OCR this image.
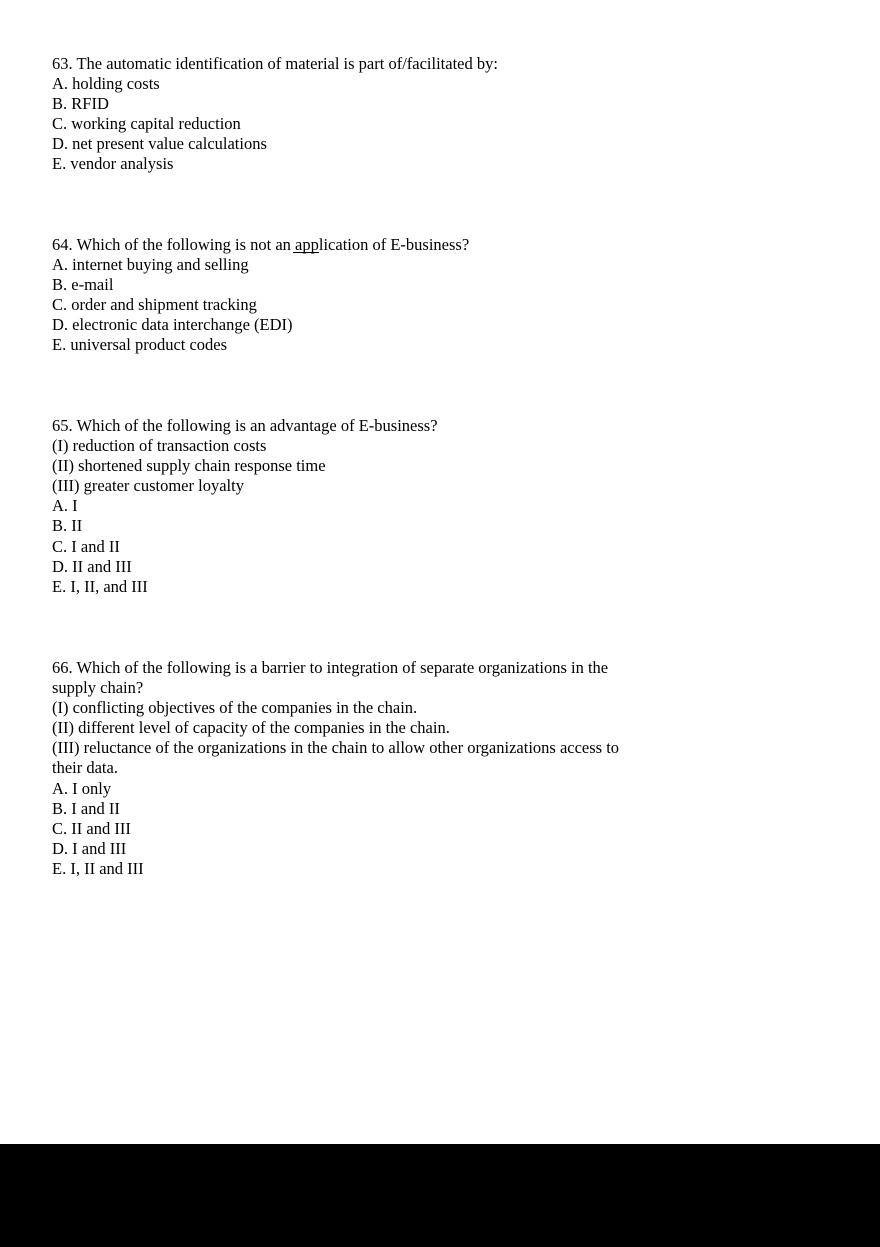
63. The automatic identification of material is part of/facilitated by:
A. holding costs
B. RFID
C. working capital reduction
D. net present value calculations
E. vendor analysis
64. Which of the following is not an application of E-business?
A. internet buying and selling
B. e-mail
C. order and shipment tracking
D. electronic data interchange (EDI)
E. universal product codes
65. Which of the following is an advantage of E-business?
(I) reduction of transaction costs
(II) shortened supply chain response time
(III) greater customer loyalty
A. I
B. II
C. I and II
D. II and III
E. I, II, and III
66. Which of the following is a barrier to integration of separate organizations in the
supply chain?
(I) conflicting objectives of the companies in the chain.
(II) different level of capacity of the companies in the chain.
(III) reluctance of the organizations in the chain to allow other organizations access to
their data.
A. I only
B. I and II
C. II and III
D. I and III
E. I, II and III
